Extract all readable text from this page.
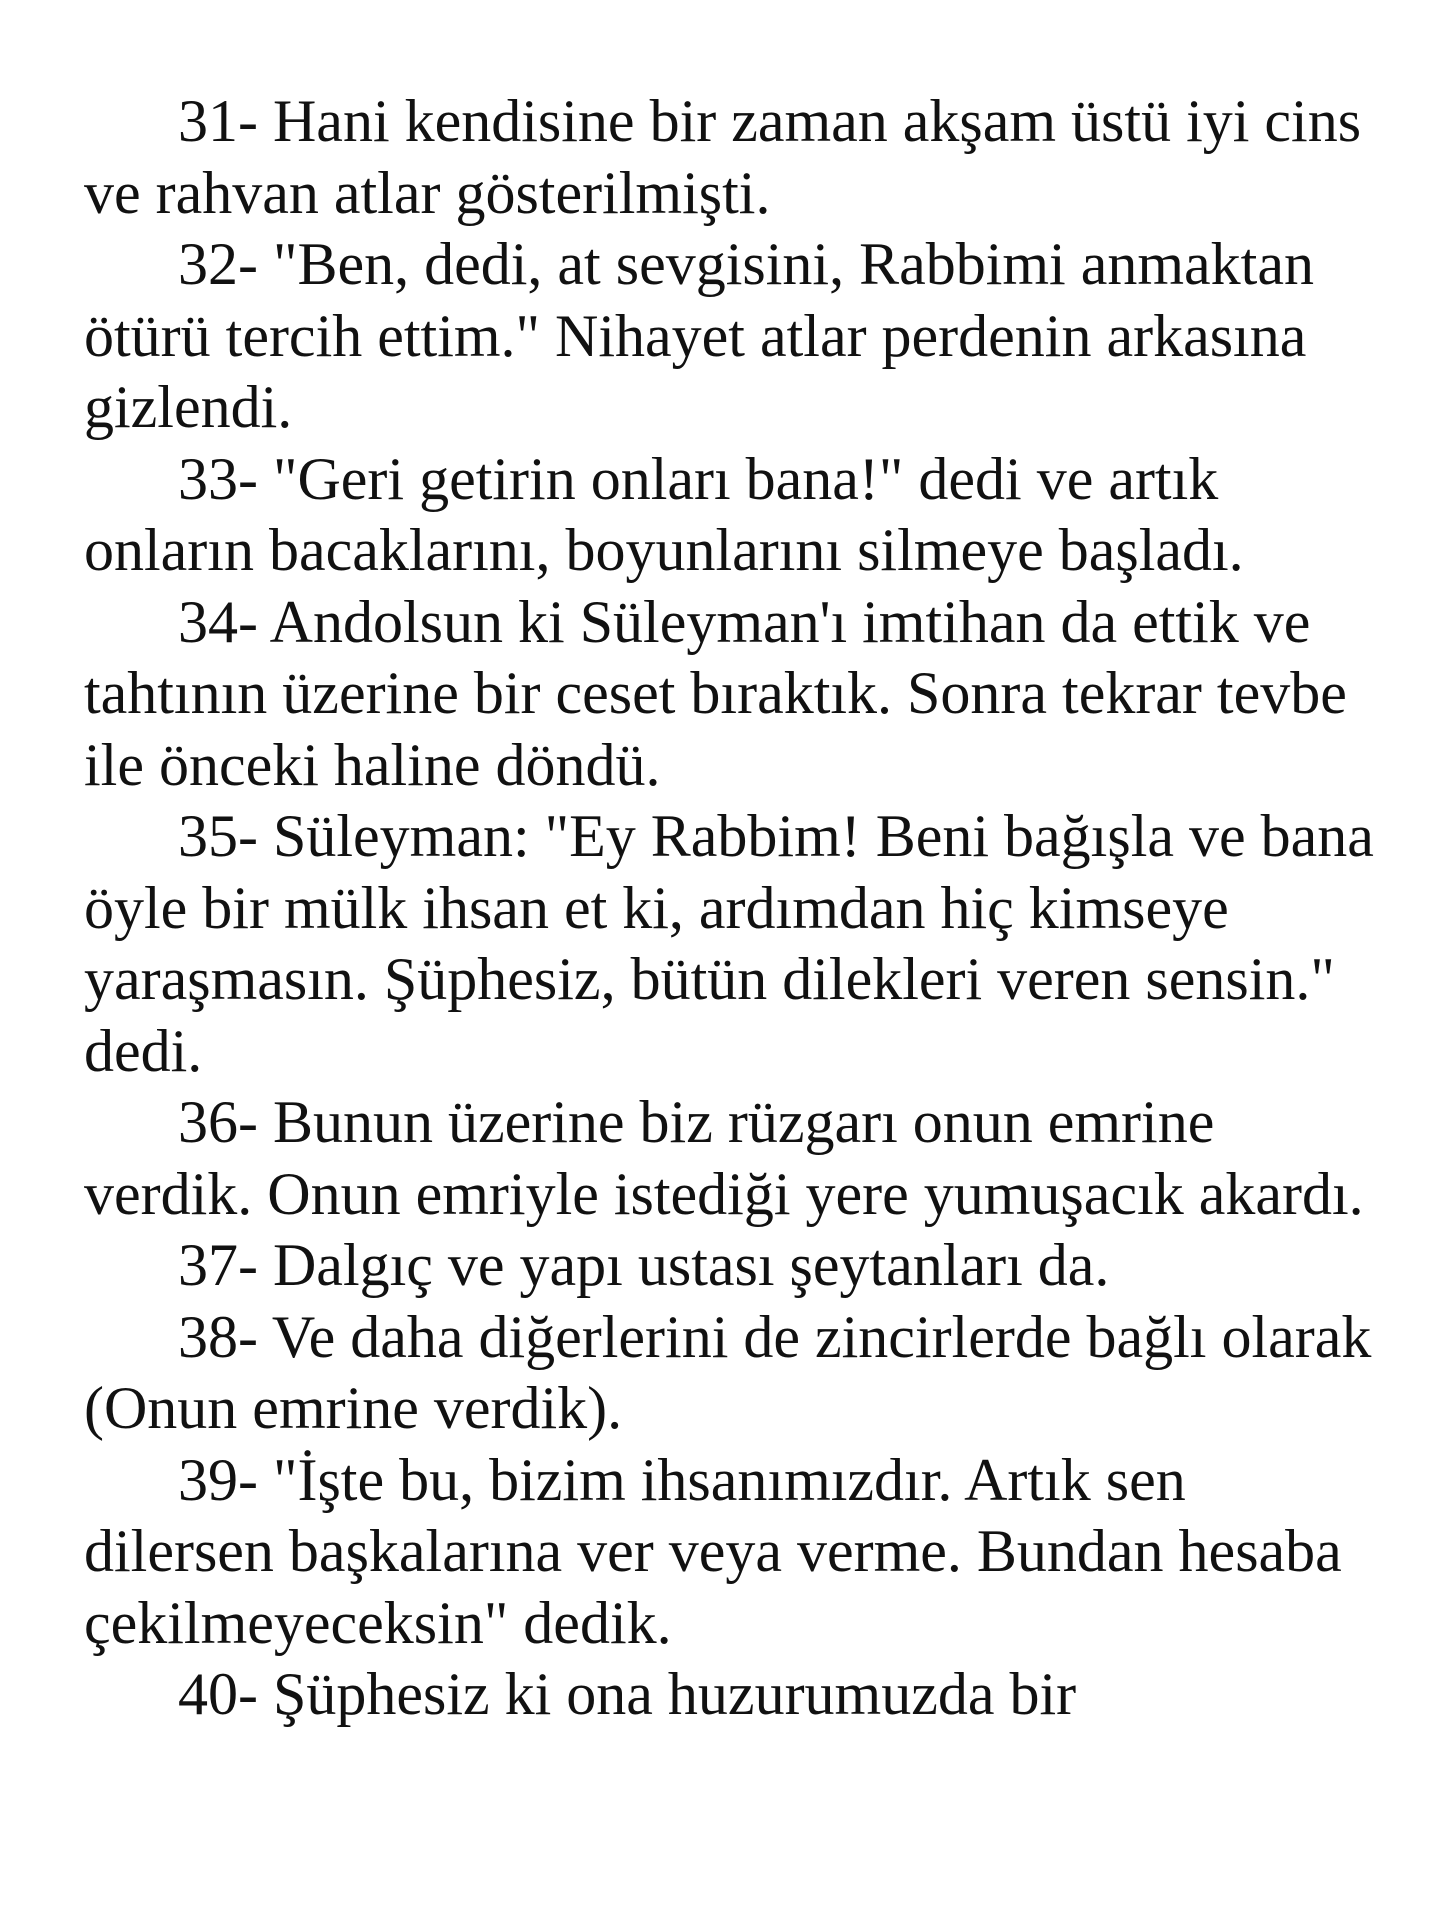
31- Hani kendisine bir zaman akşam üstü iyi cins ve rahvan atlar gösterilmişti.

32- "Ben, dedi, at sevgisini, Rabbimi anmaktan ötürü tercih ettim." Nihayet atlar perdenin arkasına gizlendi.

33- "Geri getirin onları bana!" dedi ve artık onların bacaklarını, boyunlarını silmeye başladı.

34- Andolsun ki Süleyman'ı imtihan da ettik ve tahtının üzerine bir ceset bıraktık. Sonra tekrar tevbe ile önceki haline döndü.

35- Süleyman: "Ey Rabbim! Beni bağışla ve bana öyle bir mülk ihsan et ki, ardımdan hiç kimseye yaraşmasın. Şüphesiz, bütün dilekleri veren sensin." dedi.

36- Bunun üzerine biz rüzgarı onun emrine verdik. Onun emriyle istediği yere yumuşacık akardı.

37- Dalgıç ve yapı ustası şeytanları da.

38- Ve daha diğerlerini de zincirlerde bağlı olarak (Onun emrine verdik).

39- "İşte bu, bizim ihsanımızdır. Artık sen dilersen başkalarına ver veya verme. Bundan hesaba çekilmeyeceksin" dedik.

40- Şüphesiz ki ona huzurumuzda bir
